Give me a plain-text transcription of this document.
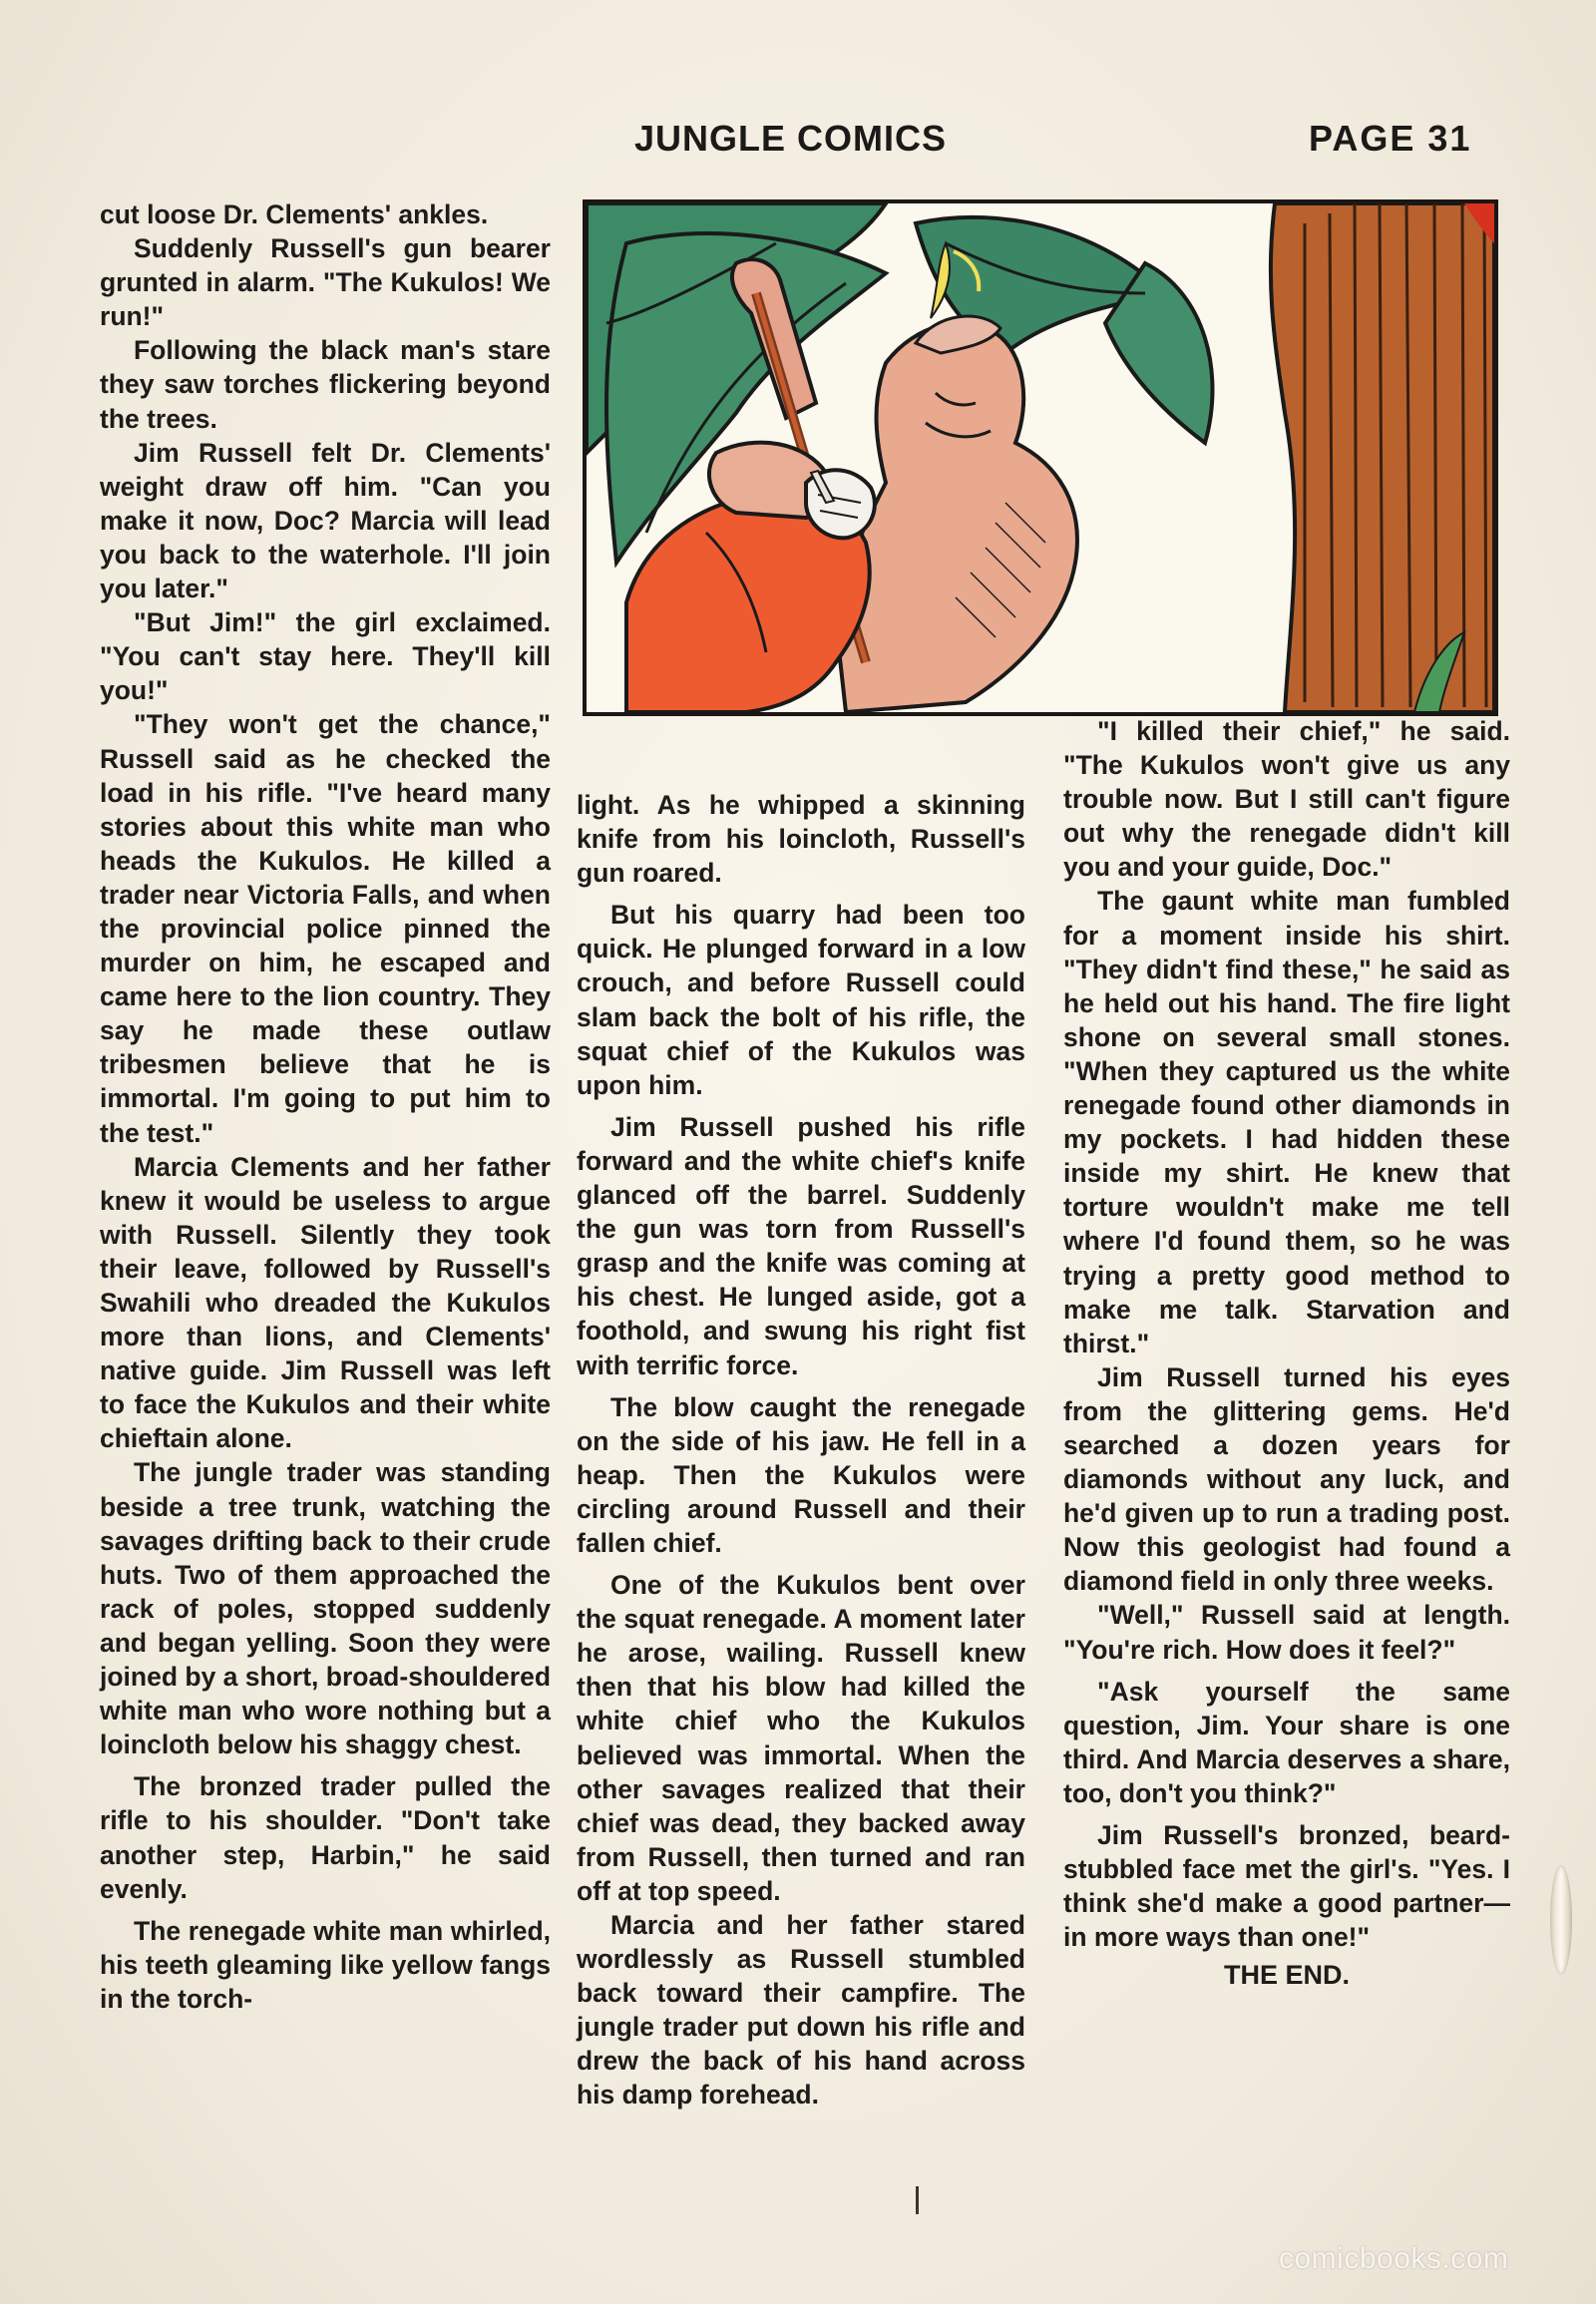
JUNGLE COMICS	PAGE 31

cut loose Dr. Clements' ankles.

Suddenly Russell's gun bearer grunted in alarm. "The Kukulos! We run!"

Following the black man's stare they saw torches flickering beyond the trees.

Jim Russell felt Dr. Clements' weight draw off him. "Can you make it now, Doc? Marcia will lead you back to the waterhole. I'll join you later."

"But Jim!" the girl exclaimed. "You can't stay here. They'll kill you!"

"They won't get the chance," Russell said as he checked the load in his rifle. "I've heard many stories about this white man who heads the Kukulos. He killed a trader near Victoria Falls, and when the provincial police pinned the murder on him, he escaped and came here to the lion country. They say he made these outlaw tribesmen believe that he is immortal. I'm going to put him to the test."

Marcia Clements and her father knew it would be useless to argue with Russell. Silently they took their leave, followed by Russell's Swahili who dreaded the Kukulos more than lions, and Clements' native guide. Jim Russell was left to face the Kukulos and their white chieftain alone.

The jungle trader was standing beside a tree trunk, watching the savages drifting back to their crude huts. Two of them approached the rack of poles, stopped suddenly and began yelling. Soon they were joined by a short, broad-shouldered white man who wore nothing but a loincloth below his shaggy chest.

The bronzed trader pulled the rifle to his shoulder. "Don't take another step, Harbin," he said evenly.

The renegade white man whirled, his teeth gleaming like yellow fangs in the torch-

light. As he whipped a skinning knife from his loincloth, Russell's gun roared.

But his quarry had been too quick. He plunged forward in a low crouch, and before Russell could slam back the bolt of his rifle, the squat chief of the Kukulos was upon him.

Jim Russell pushed his rifle forward and the white chief's knife glanced off the barrel. Suddenly the gun was torn from Russell's grasp and the knife was coming at his chest. He lunged aside, got a foothold, and swung his right fist with terrific force.

The blow caught the renegade on the side of his jaw. He fell in a heap. Then the Kukulos were circling around Russell and their fallen chief.

One of the Kukulos bent over the squat renegade. A moment later he arose, wailing. Russell knew then that his blow had killed the white chief who the Kukulos believed was immortal. When the other savages realized that their chief was dead, they backed away from Russell, then turned and ran off at top speed.

Marcia and her father stared wordlessly as Russell stumbled back toward their campfire. The jungle trader put down his rifle and drew the back of his hand across his damp forehead.

"I killed their chief," he said. "The Kukulos won't give us any trouble now. But I still can't figure out why the renegade didn't kill you and your guide, Doc."

The gaunt white man fumbled for a moment inside his shirt. "They didn't find these," he said as he held out his hand. The fire light shone on several small stones. "When they captured us the white renegade found other diamonds in my pockets. I had hidden these inside my shirt. He knew that torture wouldn't make me tell where I'd found them, so he was trying a pretty good method to make me talk. Starvation and thirst."

Jim Russell turned his eyes from the glittering gems. He'd searched a dozen years for diamonds without any luck, and he'd given up to run a trading post. Now this geologist had found a diamond field in only three weeks.

"Well," Russell said at length. "You're rich. How does it feel?"

"Ask yourself the same question, Jim. Your share is one third. And Marcia deserves a share, too, don't you think?"

Jim Russell's bronzed, beard-stubbled face met the girl's. "Yes. I think she'd make a good partner—in more ways than one!"

THE END.

comicbooks.com
